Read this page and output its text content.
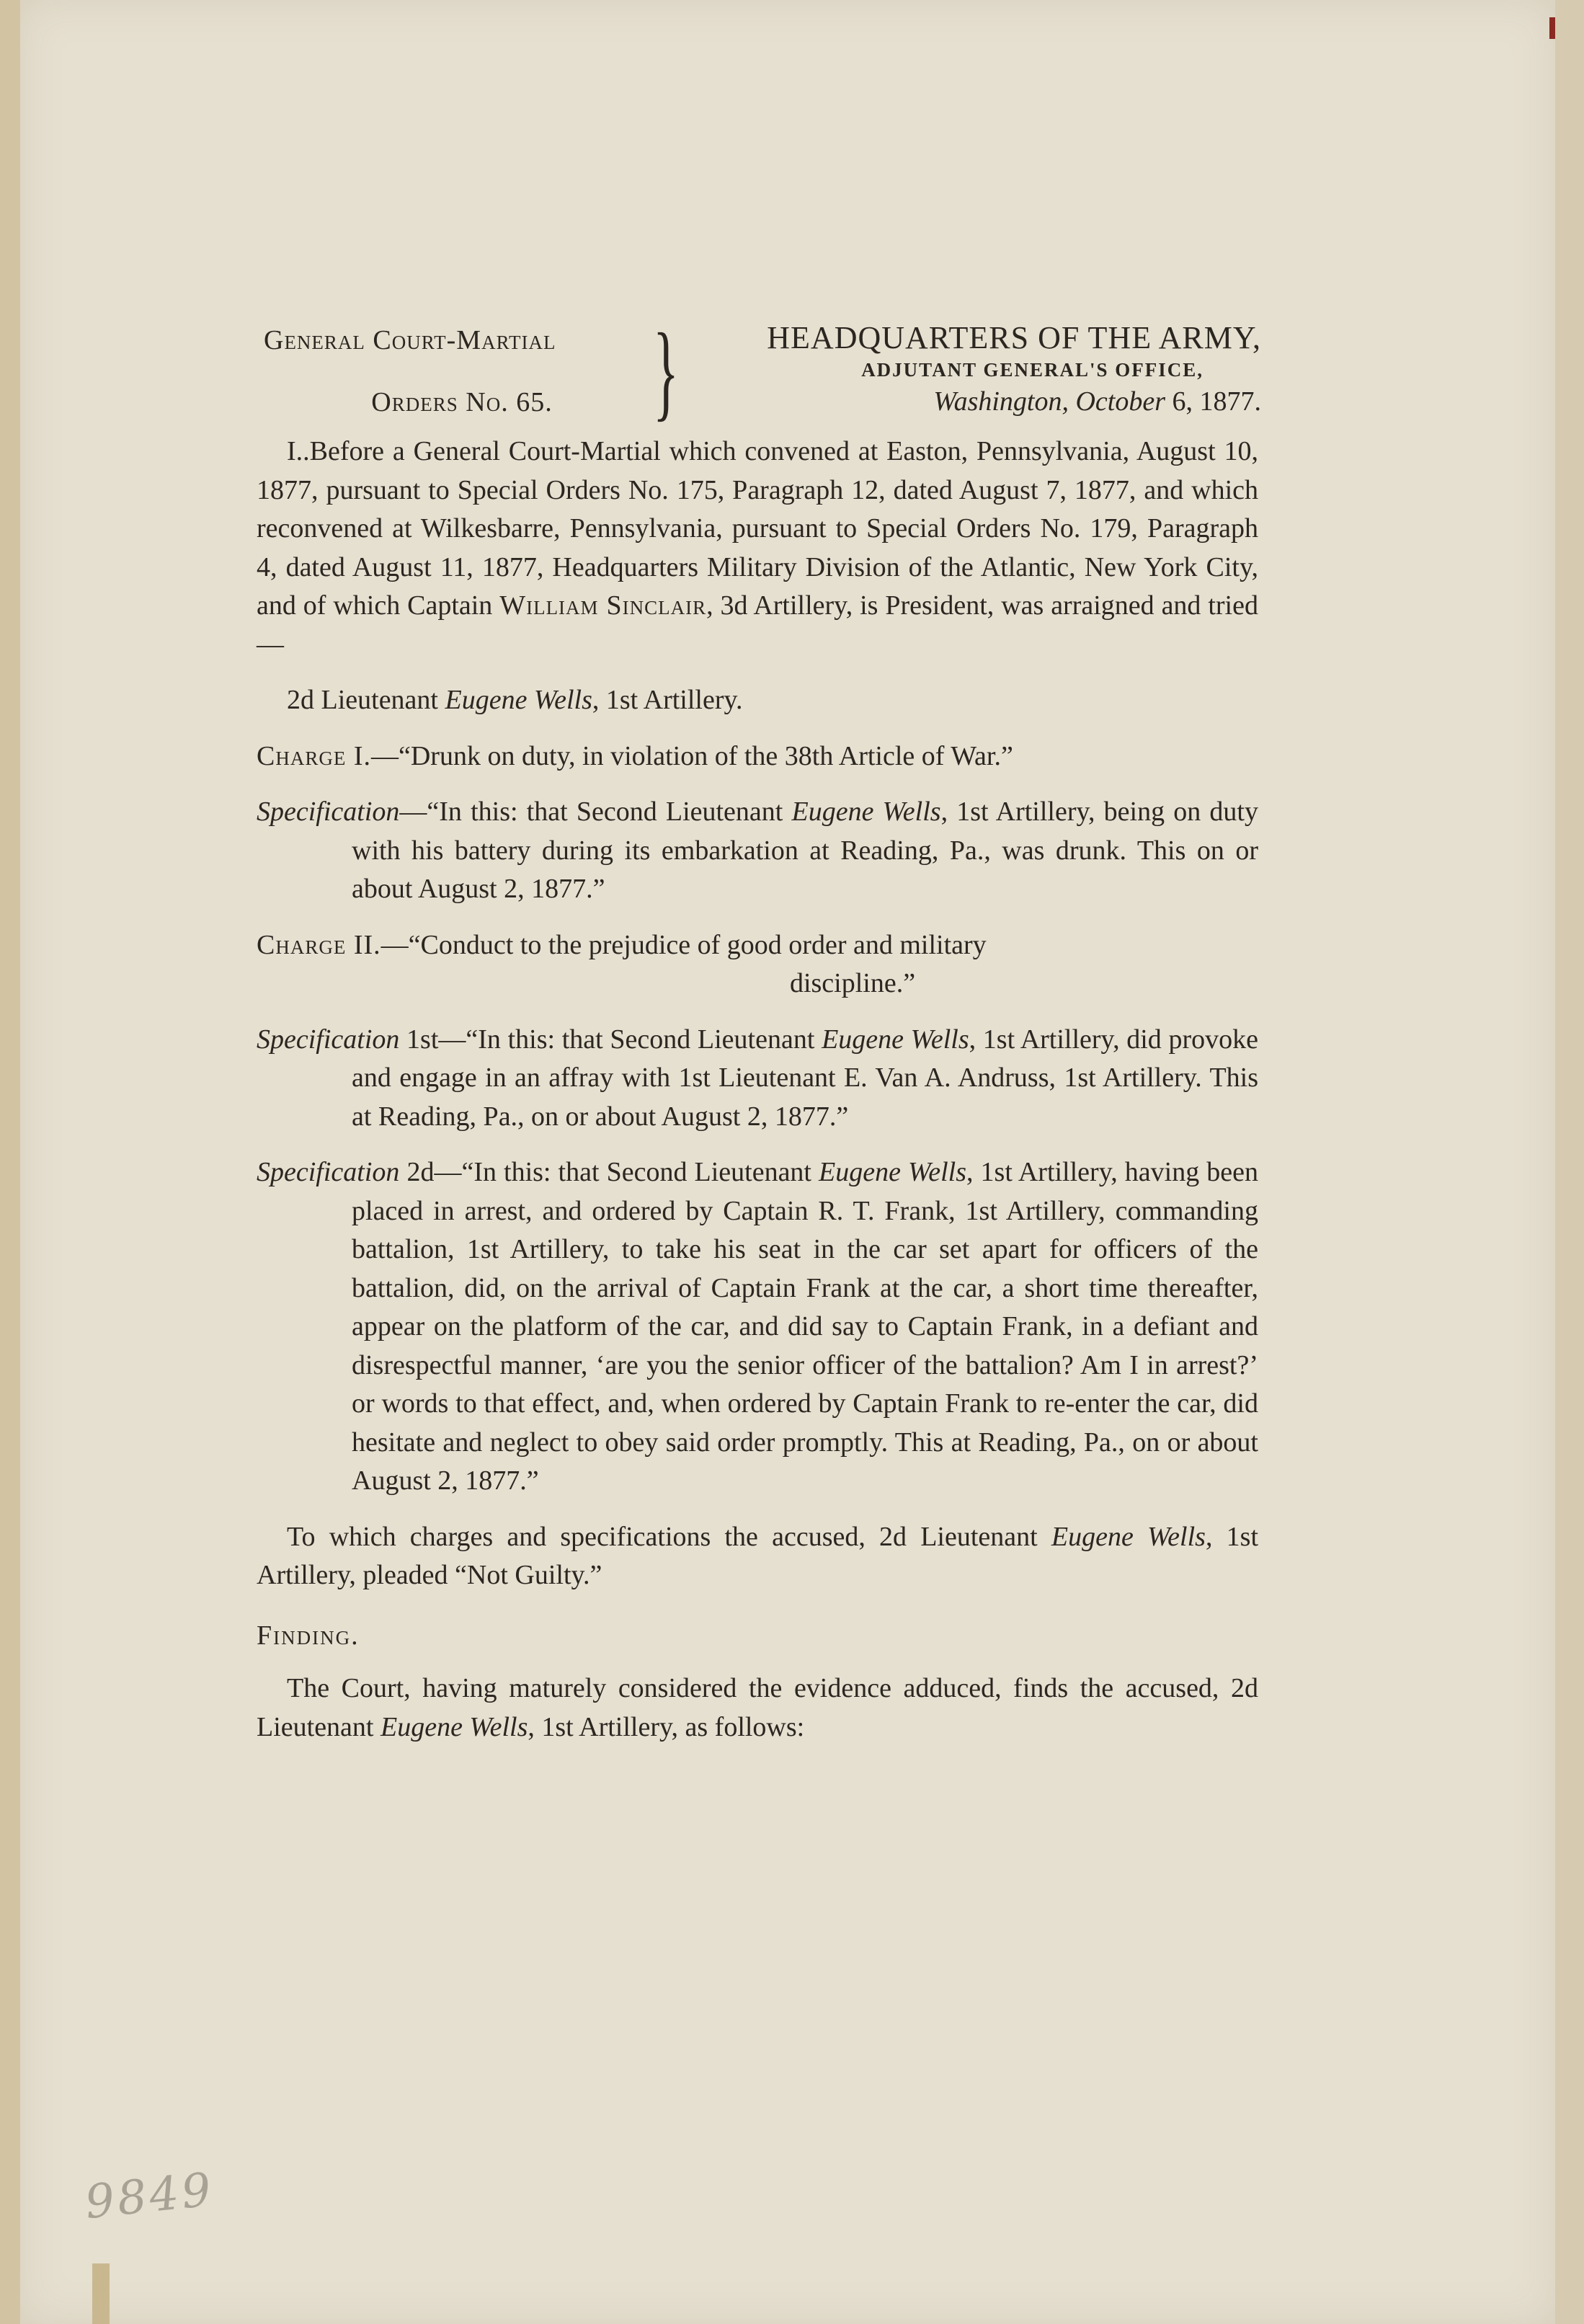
General Court-Martial
Orders No. 65. }	HEADQUARTERS OF THE ARMY,
ADJUTANT GENERAL'S OFFICE,
Washington, October 6, 1877.

I..Before a General Court-Martial which convened at Easton, Pennsylvania, August 10, 1877, pursuant to Special Orders No. 175, Paragraph 12, dated August 7, 1877, and which reconvened at Wilkesbarre, Pennsylvania, pursuant to Special Orders No. 179, Paragraph 4, dated August 11, 1877, Headquarters Military Division of the Atlantic, New York City, and of which Captain William Sinclair, 3d Artillery, is President, was arraigned and tried—

2d Lieutenant Eugene Wells, 1st Artillery.

Charge I.—“Drunk on duty, in violation of the 38th Article of War.”

Specification—“In this: that Second Lieutenant Eugene Wells, 1st Artillery, being on duty with his battery during its embarkation at Reading, Pa., was drunk. This on or about August 2, 1877.”

Charge II.—“Conduct to the prejudice of good order and military
discipline.”

Specification 1st—“In this: that Second Lieutenant Eugene Wells, 1st Artillery, did provoke and engage in an affray with 1st Lieutenant E. Van A. Andruss, 1st Artillery. This at Reading, Pa., on or about August 2, 1877.”

Specification 2d—“In this: that Second Lieutenant Eugene Wells, 1st Artillery, having been placed in arrest, and ordered by Captain R. T. Frank, 1st Artillery, commanding battalion, 1st Artillery, to take his seat in the car set apart for officers of the battalion, did, on the arrival of Captain Frank at the car, a short time thereafter, appear on the platform of the car, and did say to Captain Frank, in a defiant and disrespectful manner, ‘are you the senior officer of the battalion? Am I in arrest?’ or words to that effect, and, when ordered by Captain Frank to re-enter the car, did hesitate and neglect to obey said order promptly. This at Reading, Pa., on or about August 2, 1877.”

To which charges and specifications the accused, 2d Lieutenant Eugene Wells, 1st Artillery, pleaded “Not Guilty.”

Finding.

The Court, having maturely considered the evidence adduced, finds the accused, 2d Lieutenant Eugene Wells, 1st Artillery, as follows:

9849
